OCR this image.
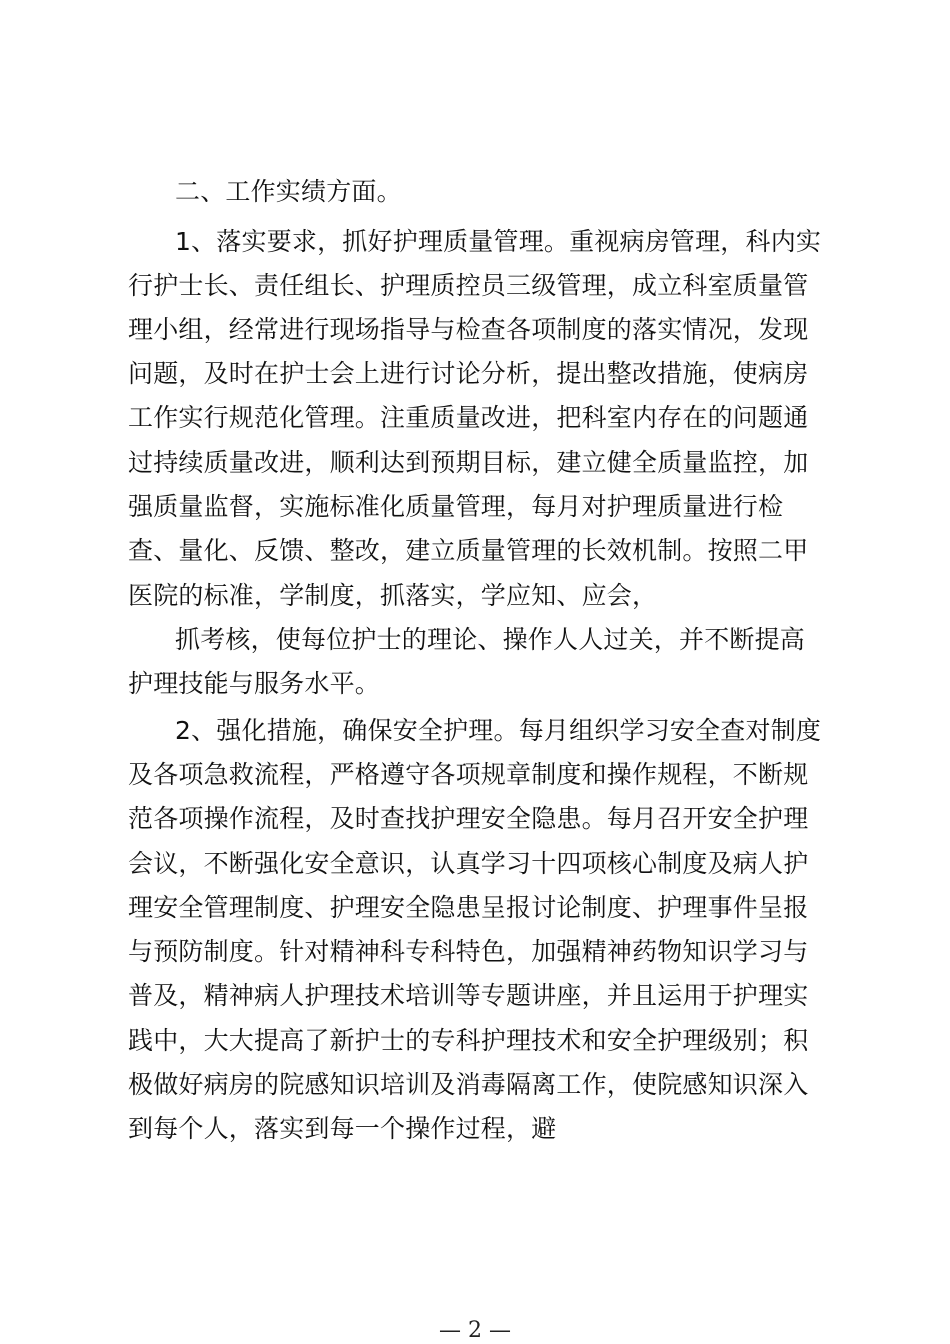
二、工作实绩方面。
1、落实要求，抓好护理质量管理。重视病房管理，科内实
行护士长、责任组长、护理质控员三级管理，成立科室质量管
理小组，经常进行现场指导与检查各项制度的落实情况，发现
问题，及时在护士会上进行讨论分析，提出整改措施，使病房
工作实行规范化管理。注重质量改进，把科室内存在的问题通
过持续质量改进，顺利达到预期目标，建立健全质量监控，加
强质量监督，实施标准化质量管理，每月对护理质量进行检
查、量化、反馈、整改，建立质量管理的长效机制。按照二甲
医院的标准，学制度，抓落实，学应知、应会，
抓考核，使每位护士的理论、操作人人过关，并不断提高
护理技能与服务水平。
2、强化措施，确保安全护理。每月组织学习安全查对制度
及各项急救流程，严格遵守各项规章制度和操作规程，不断规
范各项操作流程，及时查找护理安全隐患。每月召开安全护理
会议，不断强化安全意识，认真学习十四项核心制度及病人护
理安全管理制度、护理安全隐患呈报讨论制度、护理事件呈报
与预防制度。针对精神科专科特色，加强精神药物知识学习与
普及，精神病人护理技术培训等专题讲座，并且运用于护理实
践中，大大提高了新护士的专科护理技术和安全护理级别；积
极做好病房的院感知识培训及消毒隔离工作，使院感知识深入
到每个人，落实到每一个操作过程，避
— 2 —
